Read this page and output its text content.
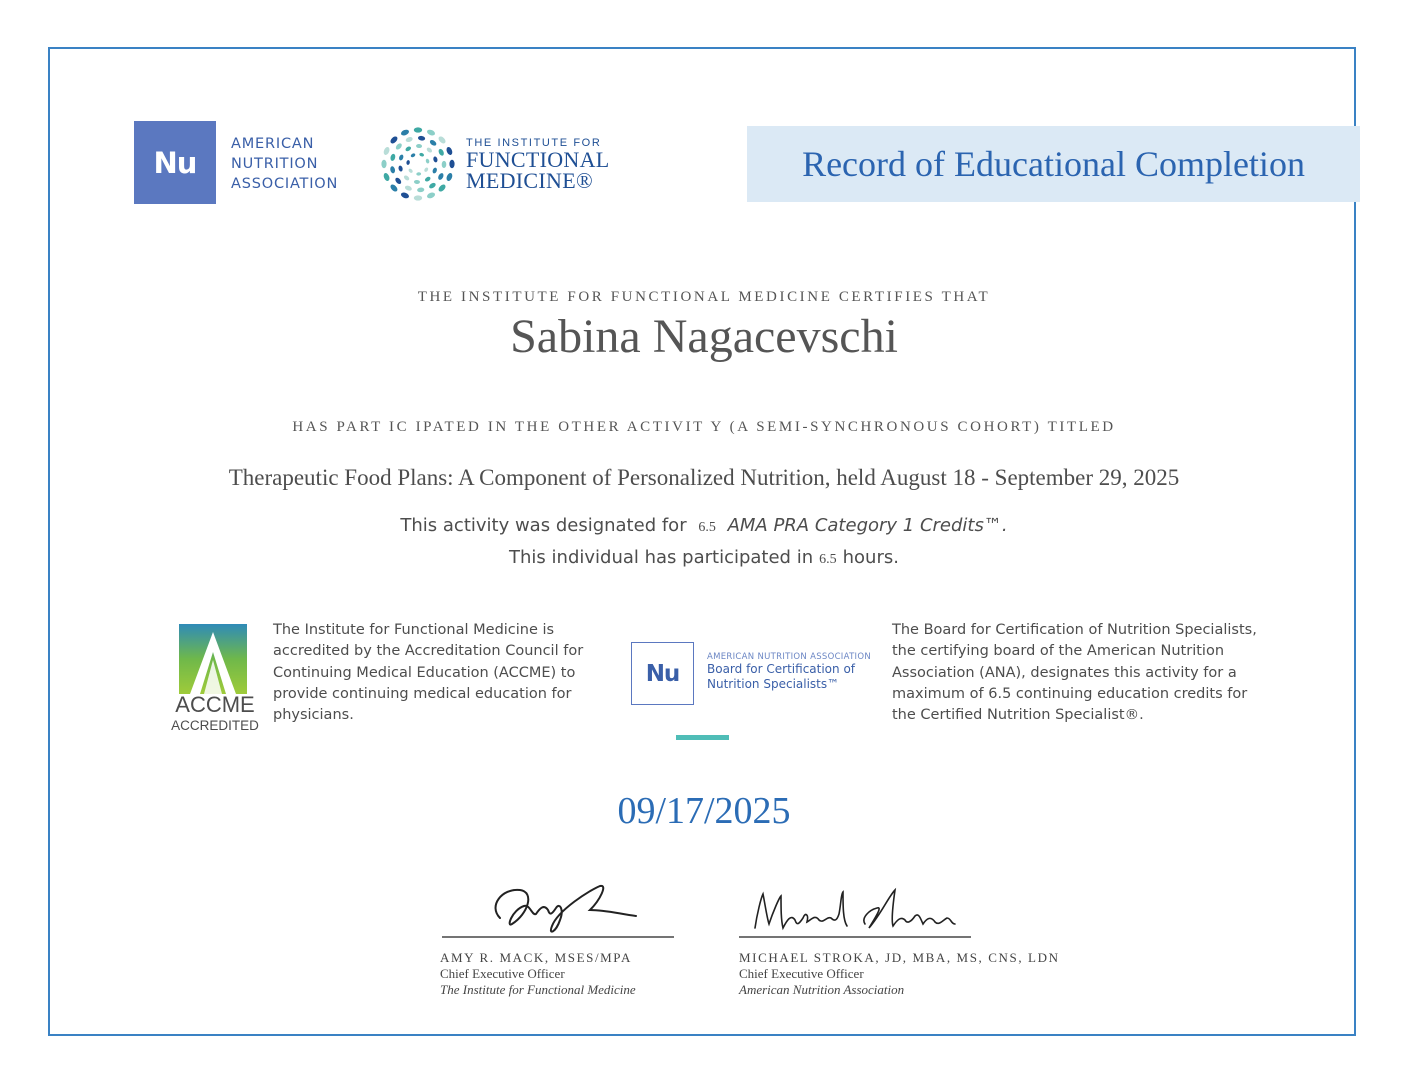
Nu
AMERICAN
NUTRITION
ASSOCIATION
THE INSTITUTE FOR
FUNCTIONAL
MEDICINE®	Record of Educational Completion
THE INSTITUTE FOR FUNCTIONAL MEDICINE CERTIFIES THAT
Sabina Nagacevschi
HAS PART IC IPATED IN THE OTHER ACTIVIT Y (A SEMI-SYNCHRONOUS COHORT) TITLED
Therapeutic Food Plans: A Component of Personalized Nutrition, held August 18 - September 29, 2025
This activity was designated for 6.5 AMA PRA Category 1 Credits™.
This individual has participated in 6.5 hours.
ACCME
ACCREDITED
The Institute for Functional Medicine is accredited by the Accreditation Council for Continuing Medical Education (ACCME) to provide continuing medical education for physicians.
Nu
AMERICAN NUTRITION ASSOCIATION
Board for Certification of
Nutrition Specialists™
The Board for Certification of Nutrition Specialists, the certifying board of the American Nutrition Association (ANA), designates this activity for a maximum of 6.5 continuing education credits for the Certified Nutrition Specialist®.
09/17/2025
AMY R. MACK, MSES/MPA
Chief Executive Officer
The Institute for Functional Medicine
MICHAEL STROKA, JD, MBA, MS, CNS, LDN
Chief Executive Officer
American Nutrition Association
